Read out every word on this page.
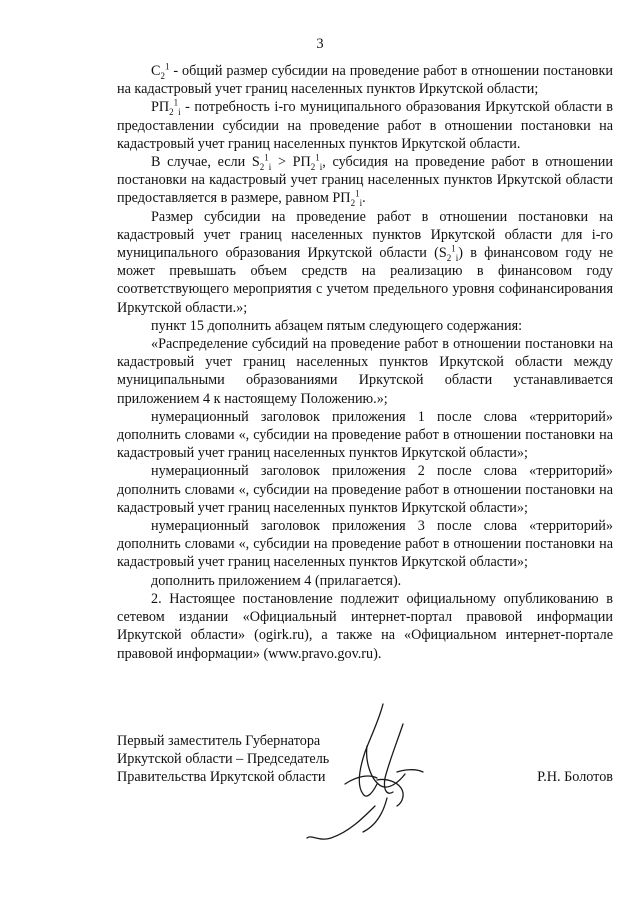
3

$C_2^1$ - общий размер субсидии на проведение работ в отношении постановки на кадастровый учет границ населенных пунктов Иркутской области;

$РП_2^1_i$ - потребность i-го муниципального образования Иркутской области в предоставлении субсидии на проведение работ в отношении постановки на кадастровый учет границ населенных пунктов Иркутской области.

В случае, если $S_2^1_i > РП_2^1_i$, субсидия на проведение работ в отношении постановки на кадастровый учет границ населенных пунктов Иркутской области предоставляется в размере, равном $РП_2^1_i$.

Размер субсидии на проведение работ в отношении постановки на кадастровый учет границ населенных пунктов Иркутской области для i-го муниципального образования Иркутской области $(S_2^1_i)$ в финансовом году не может превышать объем средств на реализацию в финансовом году соответствующего мероприятия с учетом предельного уровня софинансирования Иркутской области.»;

пункт 15 дополнить абзацем пятым следующего содержания:

«Распределение субсидий на проведение работ в отношении постановки на кадастровый учет границ населенных пунктов Иркутской области между муниципальными образованиями Иркутской области устанавливается приложением 4 к настоящему Положению.»;

нумерационный заголовок приложения 1 после слова «территорий» дополнить словами «, субсидии на проведение работ в отношении постановки на кадастровый учет границ населенных пунктов Иркутской области»;

нумерационный заголовок приложения 2 после слова «территорий» дополнить словами «, субсидии на проведение работ в отношении постановки на кадастровый учет границ населенных пунктов Иркутской области»;

нумерационный заголовок приложения 3 после слова «территорий» дополнить словами «, субсидии на проведение работ в отношении постановки на кадастровый учет границ населенных пунктов Иркутской области»;

дополнить приложением 4 (прилагается).

2. Настоящее постановление подлежит официальному опубликованию в сетевом издании «Официальный интернет-портал правовой информации Иркутской области» (ogirk.ru), а также на «Официальном интернет-портале правовой информации» (www.pravo.gov.ru).

Первый заместитель Губернатора
Иркутской области – Председатель
Правительства Иркутской области	Р.Н. Болотов
